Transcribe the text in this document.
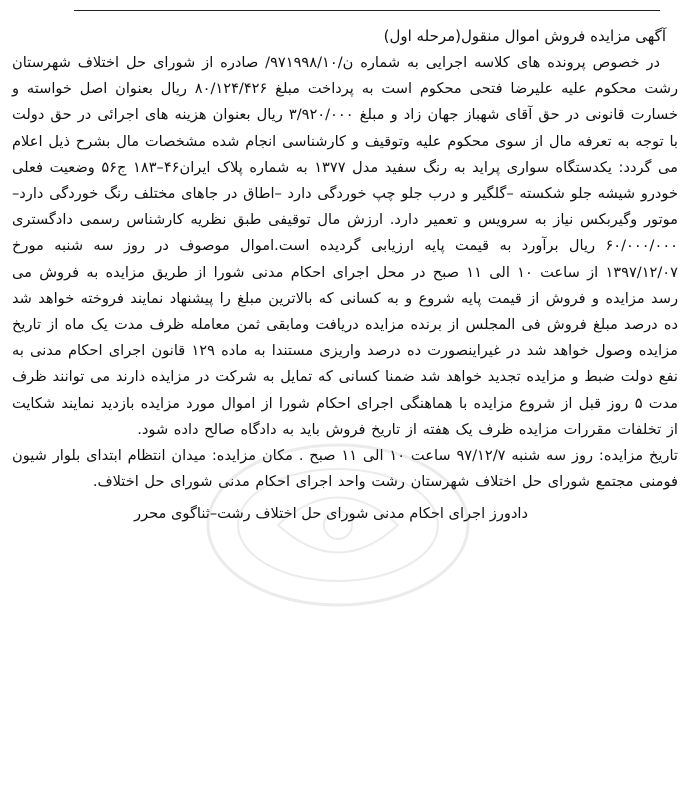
آگهی مزایده فروش اموال منقول(مرحله اول)

در خصوص پرونده های کلاسه اجرایی به شماره ن/۹۷۱۹۹۸/۱۰/ صادره از شورای حل اختلاف شهرستان رشت محکوم علیه علیرضا فتحی محکوم است به پرداخت مبلغ ۸۰/۱۲۴/۴۲۶ ریال بعنوان اصل خواسته و خسارت قانونی در حق آقای شهباز جهان زاد و مبلغ ۳/۹۲۰/۰۰۰ ریال بعنوان هزینه های اجرائی در حق دولت با توجه به تعرفه مال از سوی محکوم علیه وتوقیف و کارشناسی انجام شده مشخصات مال بشرح ذیل اعلام می گردد: یکدستگاه سواری پراید به رنگ سفید مدل ۱۳۷۷ به شماره پلاک ایران۴۶–۱۸۳ ج۵۶ وضعیت فعلی خودرو شیشه جلو شکسته –گلگیر و درب جلو چپ خوردگی دارد –اطاق در جاهای مختلف رنگ خوردگی دارد–موتور وگیربکس نیاز به سرویس و تعمیر دارد. ارزش مال توقیفی طبق نظریه کارشناس رسمی دادگستری ۶۰/۰۰۰/۰۰۰ ریال برآورد به قیمت پایه ارزیابی گردیده است.اموال موصوف در روز سه شنبه مورخ ۱۳۹۷/۱۲/۰۷ از ساعت ۱۰ الی ۱۱ صبح در محل اجرای احکام مدنی شورا از طریق مزایده به فروش می رسد مزایده و فروش از قیمت پایه شروع و به کسانی که بالاترین مبلغ را پیشنهاد نمایند فروخته خواهد شد ده درصد مبلغ فروش فی المجلس از برنده مزایده دریافت ومابقی ثمن معامله ظرف مدت یک ماه از تاریخ مزایده وصول خواهد شد در غیراینصورت ده درصد واریزی مستندا به ماده ۱۲۹ قانون اجرای احکام مدنی به نفع دولت ضبط و مزایده تجدید خواهد شد ضمنا کسانی که تمایل به شرکت در مزایده دارند می توانند ظرف مدت ۵ روز قبل از شروع مزایده با هماهنگی اجرای احکام شورا از اموال مورد مزایده بازدید نمایند شکایت از تخلفات مقررات مزایده ظرف یک هفته از تاریخ فروش باید به دادگاه صالح داده شود.

تاریخ مزایده: روز سه شنبه ۹۷/۱۲/۷ ساعت ۱۰ الی ۱۱ صبح . مکان مزایده: میدان انتظام ابتدای بلوار شیون فومنی مجتمع شورای حل اختلاف شهرستان رشت واحد اجرای احکام مدنی شورای حل اختلاف.

دادورز اجرای احکام مدنی شورای حل اختلاف رشت–ثناگوی محرر
